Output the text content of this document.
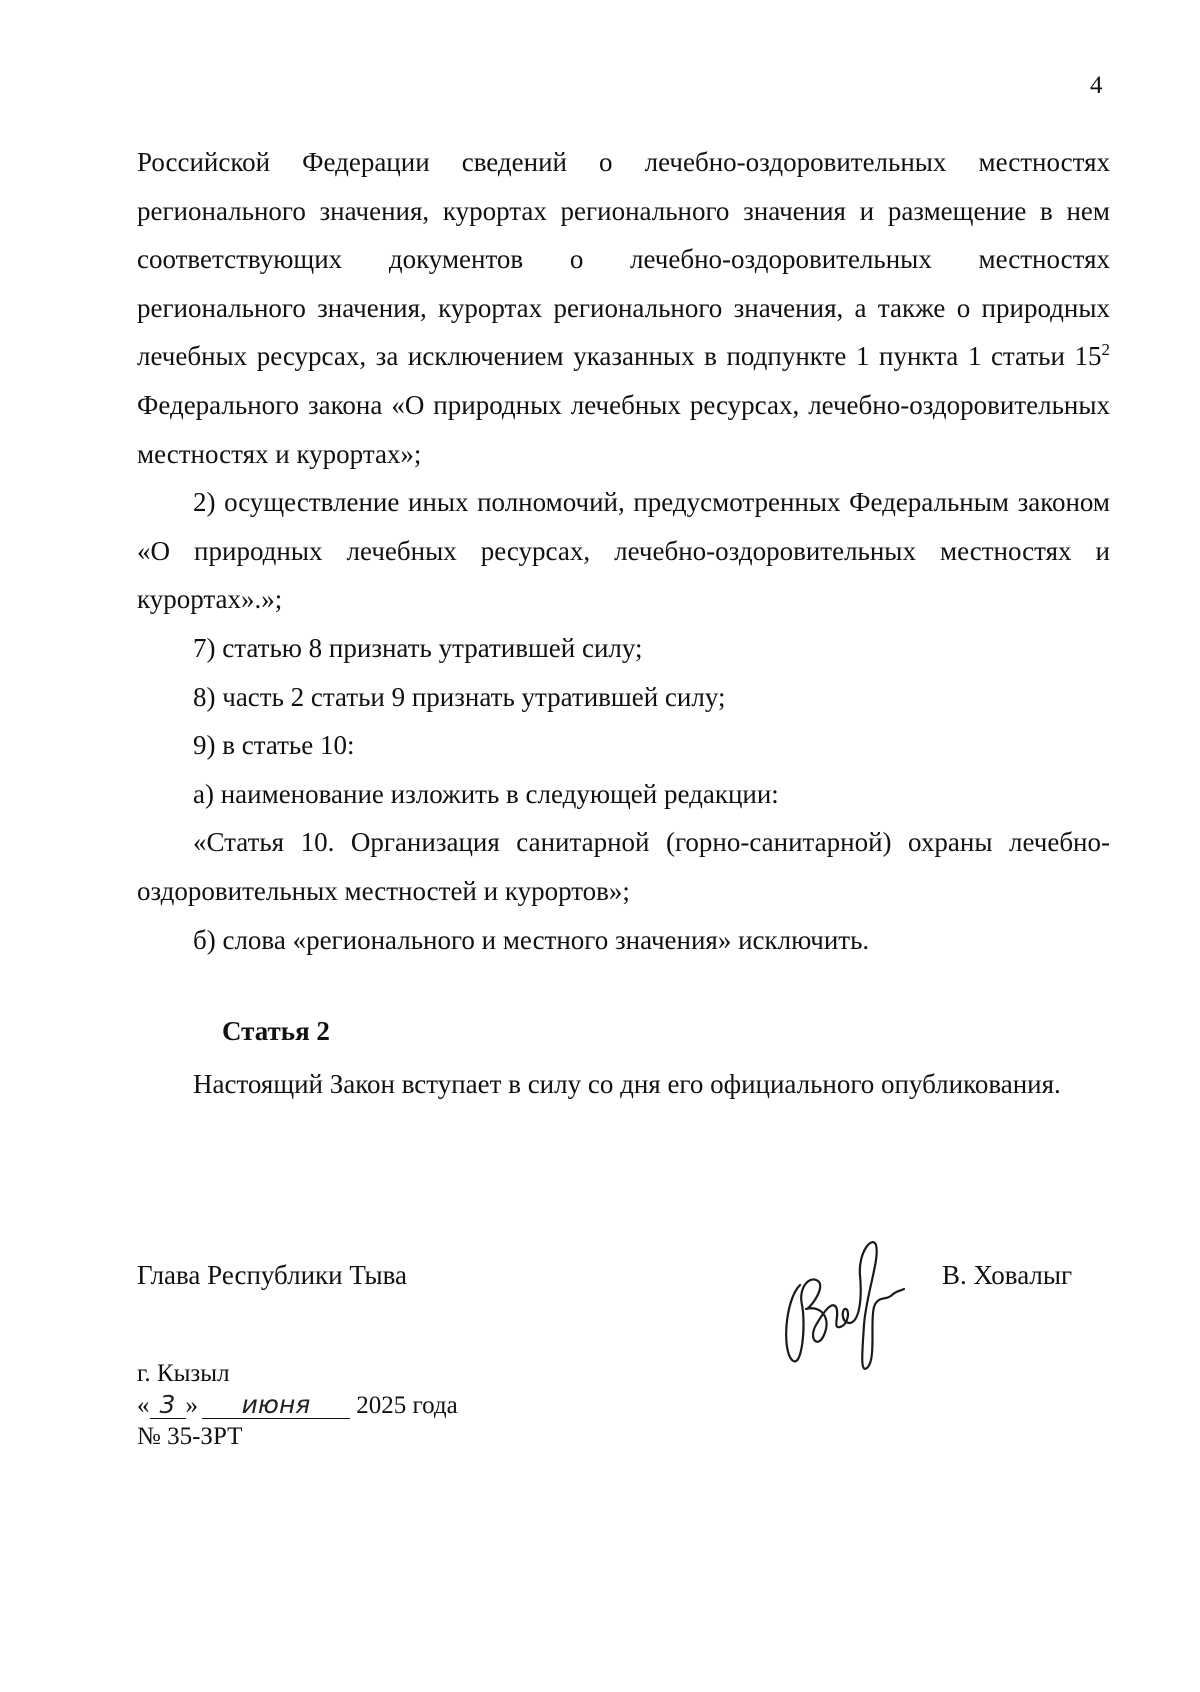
4

Российской Федерации сведений о лечебно-оздоровительных местностях регионального значения, курортах регионального значения и размещение в нем соответствующих документов о лечебно-оздоровительных местностях регионального значения, курортах регионального значения, а также о природных лечебных ресурсах, за исключением указанных в подпункте 1 пункта 1 статьи $15^2$ Федерального закона «О природных лечебных ресурсах, лечебно-оздоровительных местностях и курортах»;

2) осуществление иных полномочий, предусмотренных Федеральным законом «О природных лечебных ресурсах, лечебно-оздоровительных местностях и курортах».»;

7) статью 8 признать утратившей силу;

8) часть 2 статьи 9 признать утратившей силу;

9) в статье 10:

а) наименование изложить в следующей редакции:

«Статья 10. Организация санитарной (горно-санитарной) охраны лечебно-оздоровительных местностей и курортов»;

б) слова «регионального и местного значения» исключить.

Статья 2

Настоящий Закон вступает в силу со дня его официального опубликования.

Глава Республики Тыва	В. Ховалыг
г. Кызыл
« 3 » июня 2025 года
№ 35-ЗРТ
